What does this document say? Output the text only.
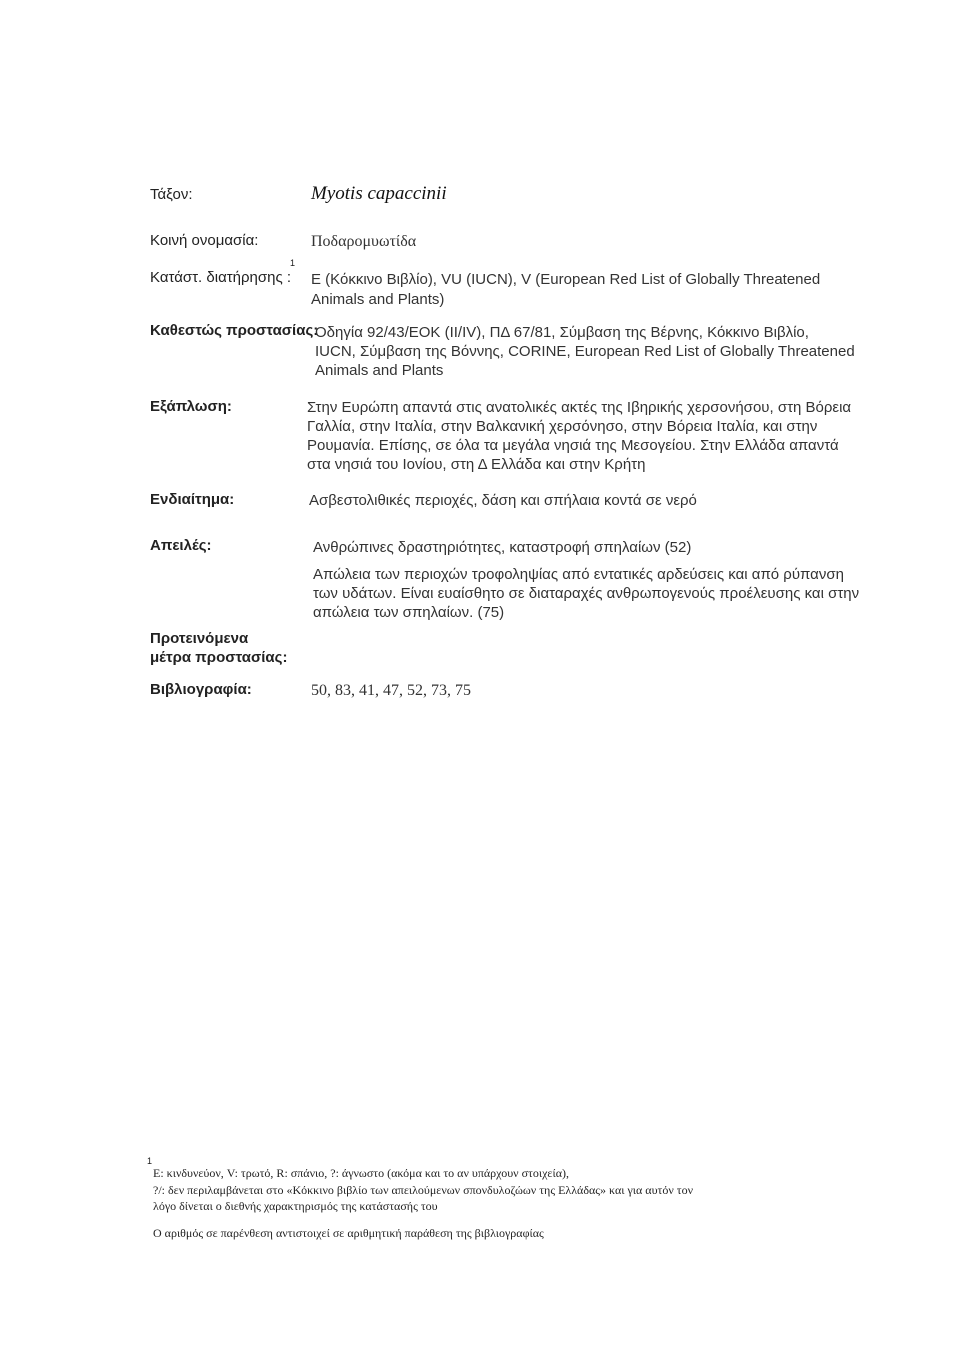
Τάξον:	Myotis capaccinii
Κοινή ονομασία:	Ποδαρομυωτίδα
Κατάστ. διατήρησης :
1
Ε (Κόκκινο Βιβλίο), VU (IUCN), V (European Red List of Globally Threatened
Animals and Plants)
Καθεστώς προστασίας:
Οδηγία 92/43/ΕΟΚ (ΙΙ/ΙV), ΠΔ 67/81, Σύμβαση της Βέρνης, Κόκκινο Βιβλίο,
IUCN, Σύμβαση της Βόννης, CORINE, European Red List of Globally Threatened
Animals and Plants
Εξάπλωση:	Στην Ευρώπη απαντά στις ανατολικές ακτές της Ιβηρικής χερσονήσου, στη Βόρεια
Γαλλία, στην Ιταλία, στην Βαλκανική χερσόνησο, στην Βόρεια Ιταλία, και στην
Ρουμανία. Επίσης, σε όλα τα μεγάλα νησιά της Μεσογείου. Στην Ελλάδα απαντά
στα νησιά του Ιονίου, στη Δ Ελλάδα και στην Κρήτη
Ενδιαίτημα:	Ασβεστολιθικές περιοχές, δάση και σπήλαια κοντά σε νερό
Απειλές:	Ανθρώπινες δραστηριότητες, καταστροφή σπηλαίων (52)
Απώλεια των περιοχών τροφοληψίας από εντατικές αρδεύσεις και από ρύπανση
των υδάτων. Είναι ευαίσθητο σε διαταραχές ανθρωπογενούς προέλευσης και στην
απώλεια των σπηλαίων. (75)
Προτεινόμενα
μέτρα προστασίας:
Βιβλιογραφία:	50, 83, 41, 47, 52, 73, 75
1
Ε: κινδυνεύον, V: τρωτό, R: σπάνιο, ?: άγνωστο (ακόμα και το αν υπάρχουν στοιχεία),
?/: δεν περιλαμβάνεται στο «Κόκκινο βιβλίο των απειλούμενων σπονδυλοζώων της Ελλάδας» και για αυτόν τον
λόγο δίνεται ο διεθνής χαρακτηρισμός της κατάστασής του
Ο αριθμός σε παρένθεση αντιστοιχεί σε αριθμητική παράθεση της βιβλιογραφίας
